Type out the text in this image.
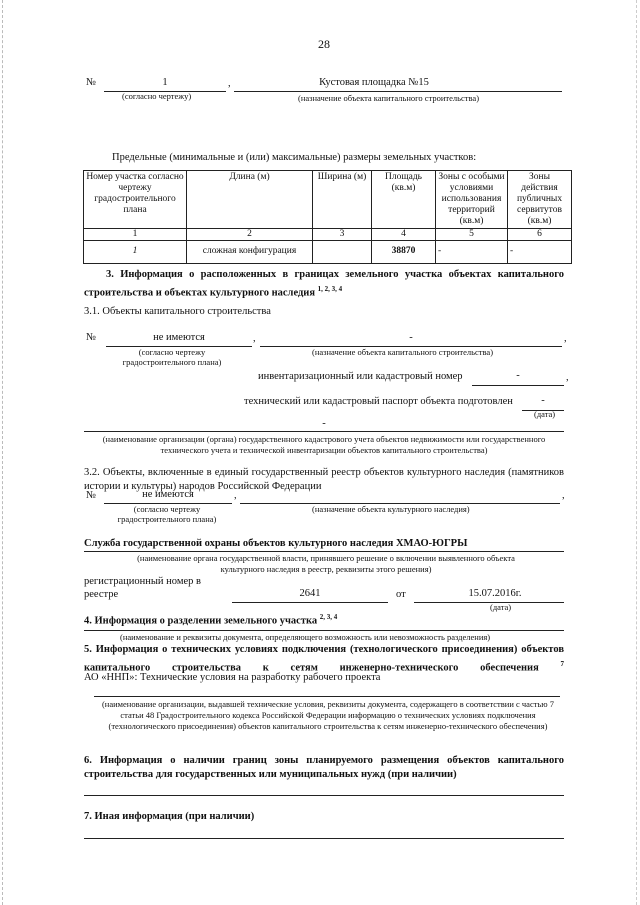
28
№	1	,	Кустовая площадка №15
(согласно чертежу)	(назначение объекта капитального строительства)
Предельные (минимальные и (или) максимальные) размеры земельных участков:
Номер участка согласно чертежу градостроительного плана	Длина (м)	Ширина (м)	Площадь (кв.м)	Зоны с особыми условиями использования территорий (кв.м)	Зоны действия публичных сервитутов (кв.м)
1	2	3	4	5	6
1	сложная конфигурация		38870	-	-
3. Информация о расположенных в границах земельного участка объектах капитального строительства и объектах культурного наследия $^{1, 2, 3, 4}$
3.1. Объекты капитального строительства
№	не имеются	,	-	,
(согласно чертежу градостроительного плана)
(назначение объекта капитального строительства)
инвентаризационный или кадастровый номер	-	,
технический или кадастровый паспорт объекта подготовлен	-
(дата)
-
(наименование организации (органа) государственного кадастрового учета объектов недвижимости или государственного технического учета и технической инвентаризации объектов капитального строительства)
3.2. Объекты, включенные в единый государственный реестр объектов культурного наследия (памятников истории и культуры) народов Российской Федерации
№	не имеются	,	,
(согласно чертежу градостроительного плана)
(назначение объекта культурного наследия)
Служба государственной охраны объектов культурного наследия ХМАО-ЮГРЫ
(наименование органа государственной власти, принявшего решение о включении выявленного объекта культурного наследия в реестр, реквизиты этого решения)
регистрационный номер в
реестре	2641	от	15.07.2016г.
(дата)
4. Информация о разделении земельного участка $^{2, 3, 4}$
(наименование и реквизиты документа, определяющего возможность или невозможность разделения)
5. Информация о технических условиях подключения (технологического присоединения) объектов капитального строительства к сетям инженерно-технического обеспечения	$^7$
АО «ННП»: Технические условия на разработку рабочего проекта
(наименование организации, выдавшей технические условия, реквизиты документа, содержащего в соответствии с частью 7 статьи 48 Градостроительного кодекса Российской Федерации информацию о технических условиях подключения (технологического присоединения) объектов капитального строительства к сетям инженерно-технического обеспечения)
6. Информация о наличии границ зоны планируемого размещения объектов капитального строительства для государственных или муниципальных нужд (при наличии)
7. Иная информация (при наличии)
